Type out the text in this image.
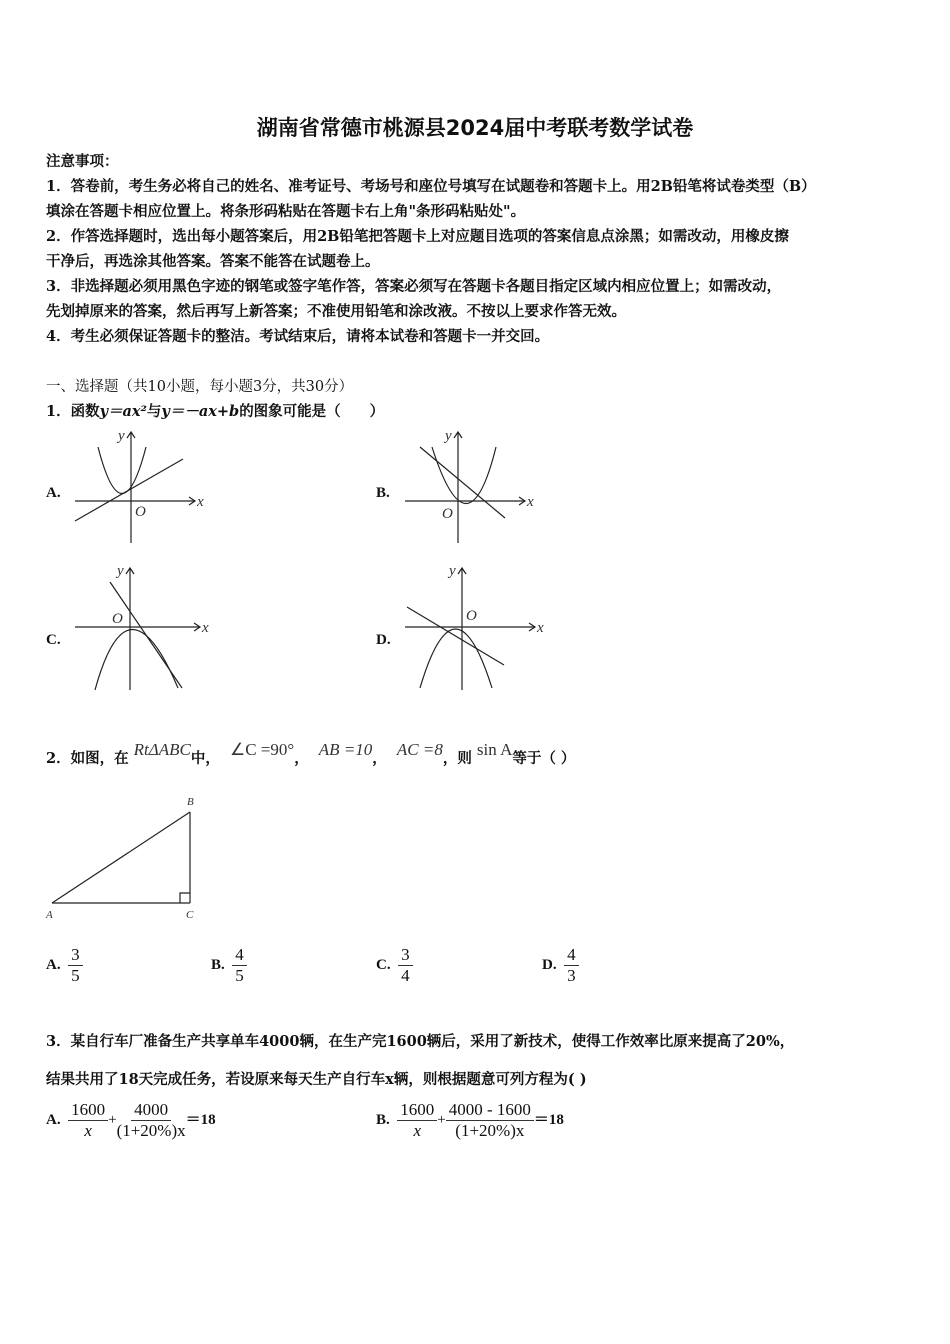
湖南省常德市桃源县2024届中考联考数学试卷
注意事项：
1．答卷前，考生务必将自己的姓名、准考证号、考场号和座位号填写在试题卷和答题卡上。用2B铅笔将试卷类型（B）
填涂在答题卡相应位置上。将条形码粘贴在答题卡右上角"条形码粘贴处"。
2．作答选择题时，选出每小题答案后，用2B铅笔把答题卡上对应题目选项的答案信息点涂黑；如需改动，用橡皮擦
干净后，再选涂其他答案。答案不能答在试题卷上。
3．非选择题必须用黑色字迹的钢笔或签字笔作答，答案必须写在答题卡各题目指定区域内相应位置上；如需改动，
先划掉原来的答案，然后再写上新答案；不准使用铅笔和涂改液。不按以上要求作答无效。
4．考生必须保证答题卡的整洁。考试结束后，请将本试卷和答题卡一并交回。
一、选择题（共10小题，每小题3分，共30分）
1．函数y＝ax²与y＝－ax+b的图象可能是（　　）
A.	B.
C.	D.
y
x
O
y
x
O
y
x
O
y
x
O
B
A	C
2．如图，在 RtΔABC中， ∠C =90°， AB =10， AC =8，则 sin A等于（ ）
A. $\frac{3}{5}$	B. $\frac{4}{5}$	C. $\frac{3}{4}$	D. $\frac{4}{3}$
3．某自行车厂准备生产共享单车4000辆，在生产完1600辆后，采用了新技术，使得工作效率比原来提高了20%，
结果共用了18天完成任务，若设原来每天生产自行车x辆，则根据题意可列方程为( )
A. $\frac{1600}{x} + \frac{4000}{(1+20\%)x} =18$	B. $\frac{1600}{x} + \frac{4000 - 1600}{(1+20\%)x} =18$
